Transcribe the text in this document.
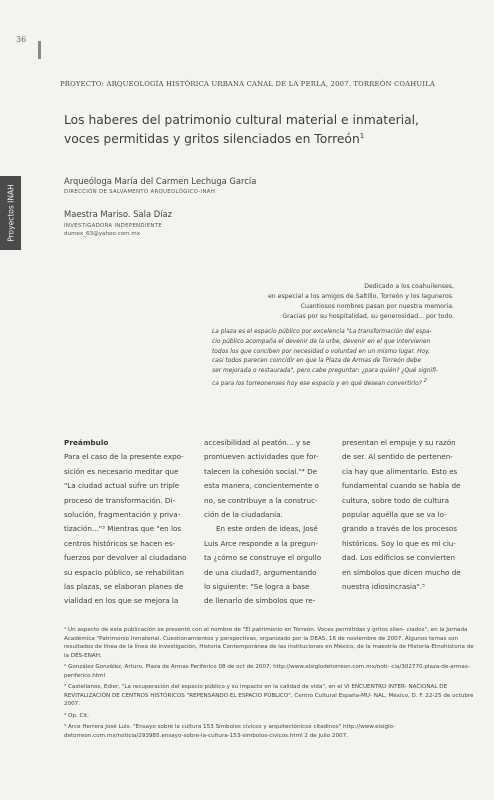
36
PROYECTO: ARQUEOLOGÍA HISTÓRICA URBANA CANAL DE LA PERLA, 2007. TORREÓN COAHUILA
Los haberes del patrimonio cultural material e inmaterial,
voces permitidas y gritos silenciados en Torreón$^1$
Proyectos INAH
Arqueóloga María del Carmen Lechuga García
DIRECCIÓN DE SALVAMENTO ARQUEOLÓGICO-INAH
Maestra Mariso. Sala Díaz
INVESTIGADORA INDEPENDIENTE
dumex_63@yahoo.com.mx
Dedicado a los coahuilenses,
en especial a los amigos de Saltillo, Torreón y los laguneros.
Cuantiosos nombres pasan por nuestra memoria.
Gracias por su hospitalidad, su generosidad... por todo.
La plaza es el espacio público por excelencia "La transformación del espa-
cio público acompaña el devenir de la urbe, devenir en el que intervienen
todos los que conciben por necesidad o voluntad en un mismo lugar. Hoy,
casi todos parecen coincidir en que la Plaza de Armas de Torreón debe
ser mejorada o restaurada", pero cabe preguntar: ¿para quién? ¿Qué signifi-
ca para los torreonenses hoy ese espacio y en qué desean convertirlo? $^2$
Preámbulo
Para el caso de la presente expo-
sición es necesario meditar que
"La ciudad actual sufre un triple
proceso de transformación. Di-
solución, fragmentación y priva-
tización..."³ Mientras que "en los
centros históricos se hacen es-
fuerzos por devolver al ciudadano
su espacio público, se rehabilitan
las plazas, se elaboran planes de
vialidad en los que se mejora la
accesibilidad al peatón... y se
promueven actividades que for-
talecen la cohesión social."⁴ De
esta manera, concientemente o
no, se contribuye a la construc-
ción de la ciudadanía.
En este orden de ideas, José
Luis Arce responde a la pregun-
ta ¿cómo se construye el orgullo
de una ciudad?, argumentando
lo siguiente: "Se logra a base
de llenarlo de símbolos que re-
presentan el empuje y su razón
de ser. Al sentido de pertenen-
cia hay que alimentarlo. Esto es
fundamental cuando se habla de
cultura, sobre todo de cultura
popular aquélla que se va lo-
grando a través de los procesos
históricos. Soy lo que es mi ciu-
dad. Los edificios se convierten
en símbolos que dicen mucho de
nuestra idiosincrasia".⁵

¹ Un aspecto de esta publicación se presentó con el nombre de "El patrimonio en Torreón. Voces permitidas y gritos silen- ciados", en la Jornada Académica "Patrimonio Inmaterial. Cuestionamientos y perspectivas, organizado por la DEAS, 16 de noviembre de 2007. Algunos temas son resultados de línea de la línea de investigación, Historia Contemporánea de las instituciones en México, de la maestría de Historia-Etnohistoria de la DES-ENAH.

² González González, Arturo, Plaza de Armas Periférico 08 de oct de 2007, http://www.elsiglodetorreon.com.mx/noti- cia/302770.plaza-de-armas-periferico.html

³ Castellanos, Edier, "La recuperación del espacio público y su impacto en la calidad de vida", en el VI ENCUENTRO INTER- NACIONAL DE REVITALIZACIÓN DE CENTROS HISTÓRICOS "REPENSANDO EL ESPACIO PÚBLICO", Centro Cultural España-MU- NAL, México, D. F. 22-25 de octubre 2007.

⁴ Op. Cit.

⁵ Arce Herrera José Luis. "Ensayo sobre la cultura 153 Símbolos cívicos y arquitectónicos citadinos" http://www.elsiglo- detorreon.com.mx/noticia/293985.ensayo-sobre-la-cultura-153-simbolos-civicos.html 2 de julio 2007.
